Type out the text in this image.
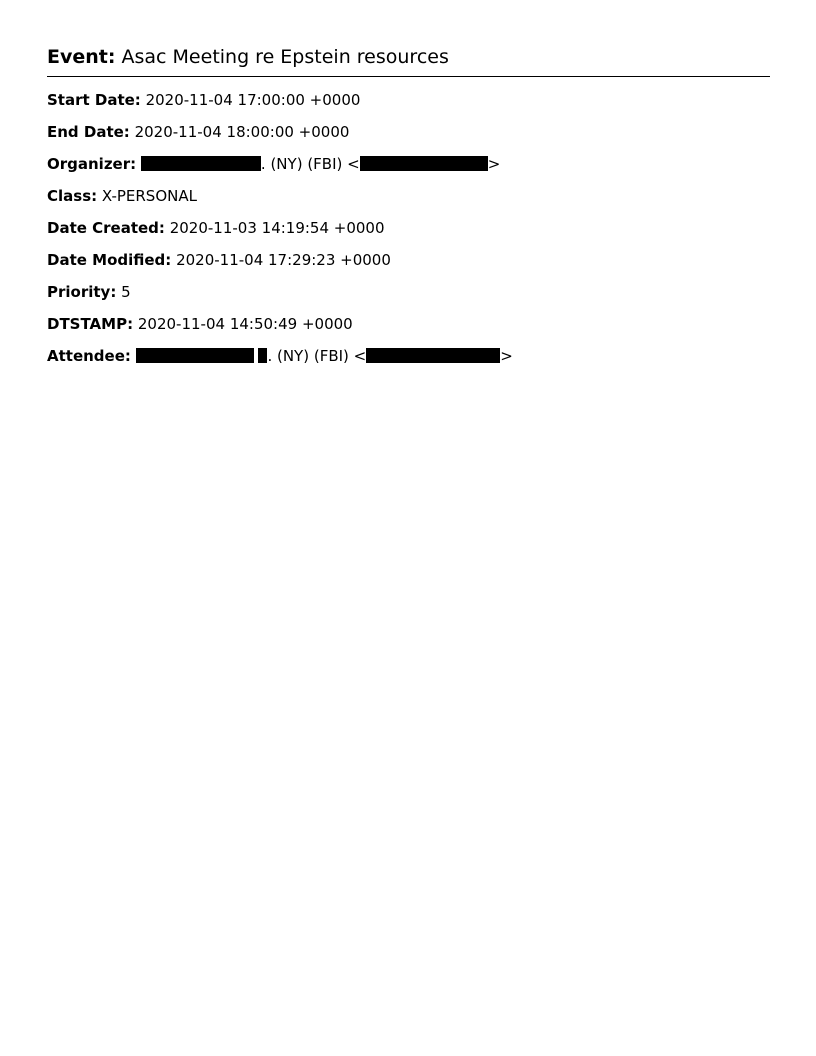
Event: Asac Meeting re Epstein resources
Start Date: 2020-11-04 17:00:00 +0000
End Date: 2020-11-04 18:00:00 +0000
Organizer:	. (NY) (FBI) <	>
Class: X-PERSONAL
Date Created: 2020-11-03 14:19:54 +0000
Date Modified: 2020-11-04 17:29:23 +0000
Priority: 5
DTSTAMP: 2020-11-04 14:50:49 +0000
Attendee:	. (NY) (FBI) <	>
